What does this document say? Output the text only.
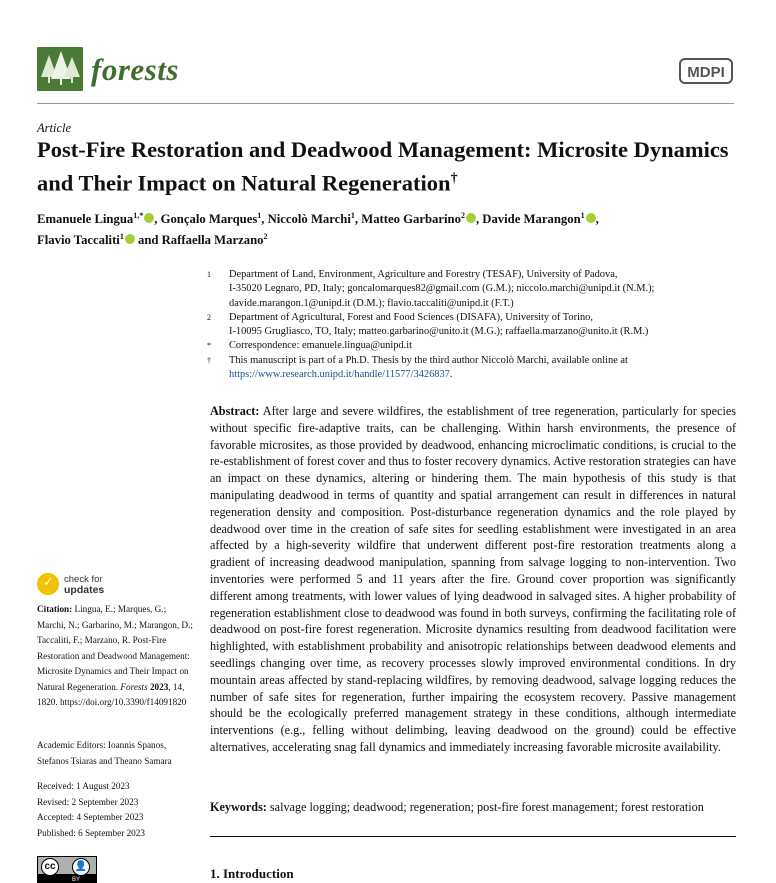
forests	MDPI
Article
Post-Fire Restoration and Deadwood Management: Microsite Dynamics and Their Impact on Natural Regeneration†
Emanuele Lingua$^{1,*}$ , Gonçalo Marques$^1$, Niccolò Marchi$^1$, Matteo Garbarino$^2$ , Davide Marangon$^1$ ,
Flavio Taccaliti$^1$ and Raffaella Marzano$^2$
1 Department of Land, Environment, Agriculture and Forestry (TESAF), University of Padova,
I-35020 Legnaro, PD, Italy; goncalomarques82@gmail.com (G.M.); niccolo.marchi@unipd.it (N.M.);
davide.marangon.1@unipd.it (D.M.); flavio.taccaliti@unipd.it (F.T.)
2 Department of Agricultural, Forest and Food Sciences (DISAFA), University of Torino,
I-10095 Grugliasco, TO, Italy; matteo.garbarino@unito.it (M.G.); raffaella.marzano@unito.it (R.M.)
* Correspondence: emanuele.lingua@unipd.it
† This manuscript is part of a Ph.D. Thesis by the third author Niccolò Marchi, available online at
https://www.research.unipd.it/handle/11577/3426837.
Abstract: After large and severe wildfires, the establishment of tree regeneration, particularly for species without specific fire-adaptive traits, can be challenging. Within harsh environments, the presence of favorable microsites, as those provided by deadwood, enhancing microclimatic conditions, is crucial to the re-establishment of forest cover and thus to foster recovery dynamics. Active restoration strategies can have an impact on these dynamics, altering or hindering them. The main hypothesis of this study is that manipulating deadwood in terms of quantity and spatial arrangement can result in differences in natural regeneration density and composition. Post-disturbance regeneration dynamics and the role played by deadwood over time in the creation of safe sites for seedling establishment were investigated in an area affected by a high-severity wildfire that underwent different post-fire restoration treatments along a gradient of increasing deadwood manipulation, spanning from salvage logging to non-intervention. Two inventories were performed 5 and 11 years after the fire. Ground cover proportion was significantly different among treatments, with lower values of lying deadwood in salvaged sites. A higher probability of regeneration establishment close to deadwood was found in both surveys, confirming the facilitating role of deadwood on post-fire forest regeneration. Microsite dynamics resulting from deadwood facilitation were highlighted, with establishment probability and anisotropic relationships between deadwood elements and seedlings changing over time, as recovery processes slowly improved environmental conditions. In dry mountain areas affected by stand-replacing wildfires, by removing deadwood, salvage logging reduces the number of safe sites for regeneration, further impairing the ecosystem recovery. Passive management should be the ecologically preferred management strategy in these conditions, although intermediate interventions (e.g., felling without delimbing, leaving deadwood on the ground) could be effective alternatives, accelerating snag fall dynamics and immediately increasing favorable microsite availability.
Keywords: salvage logging; deadwood; regeneration; post-fire forest management; forest restoration
1. Introduction
✓ check for
updates
Citation: Lingua, E.; Marques, G.; Marchi, N.; Garbarino, M.; Marangon, D.; Taccaliti, F.; Marzano, R. Post-Fire Restoration and Deadwood Management: Microsite Dynamics and Their Impact on Natural Regeneration. Forests 2023, 14, 1820. https://doi.org/10.3390/f14091820
Academic Editors: Ioannis Spanos, Stefanos Tsiaras and Theano Samara
Received: 1 August 2023
Revised: 2 September 2023
Accepted: 4 September 2023
Published: 6 September 2023
cc	👤
BY
